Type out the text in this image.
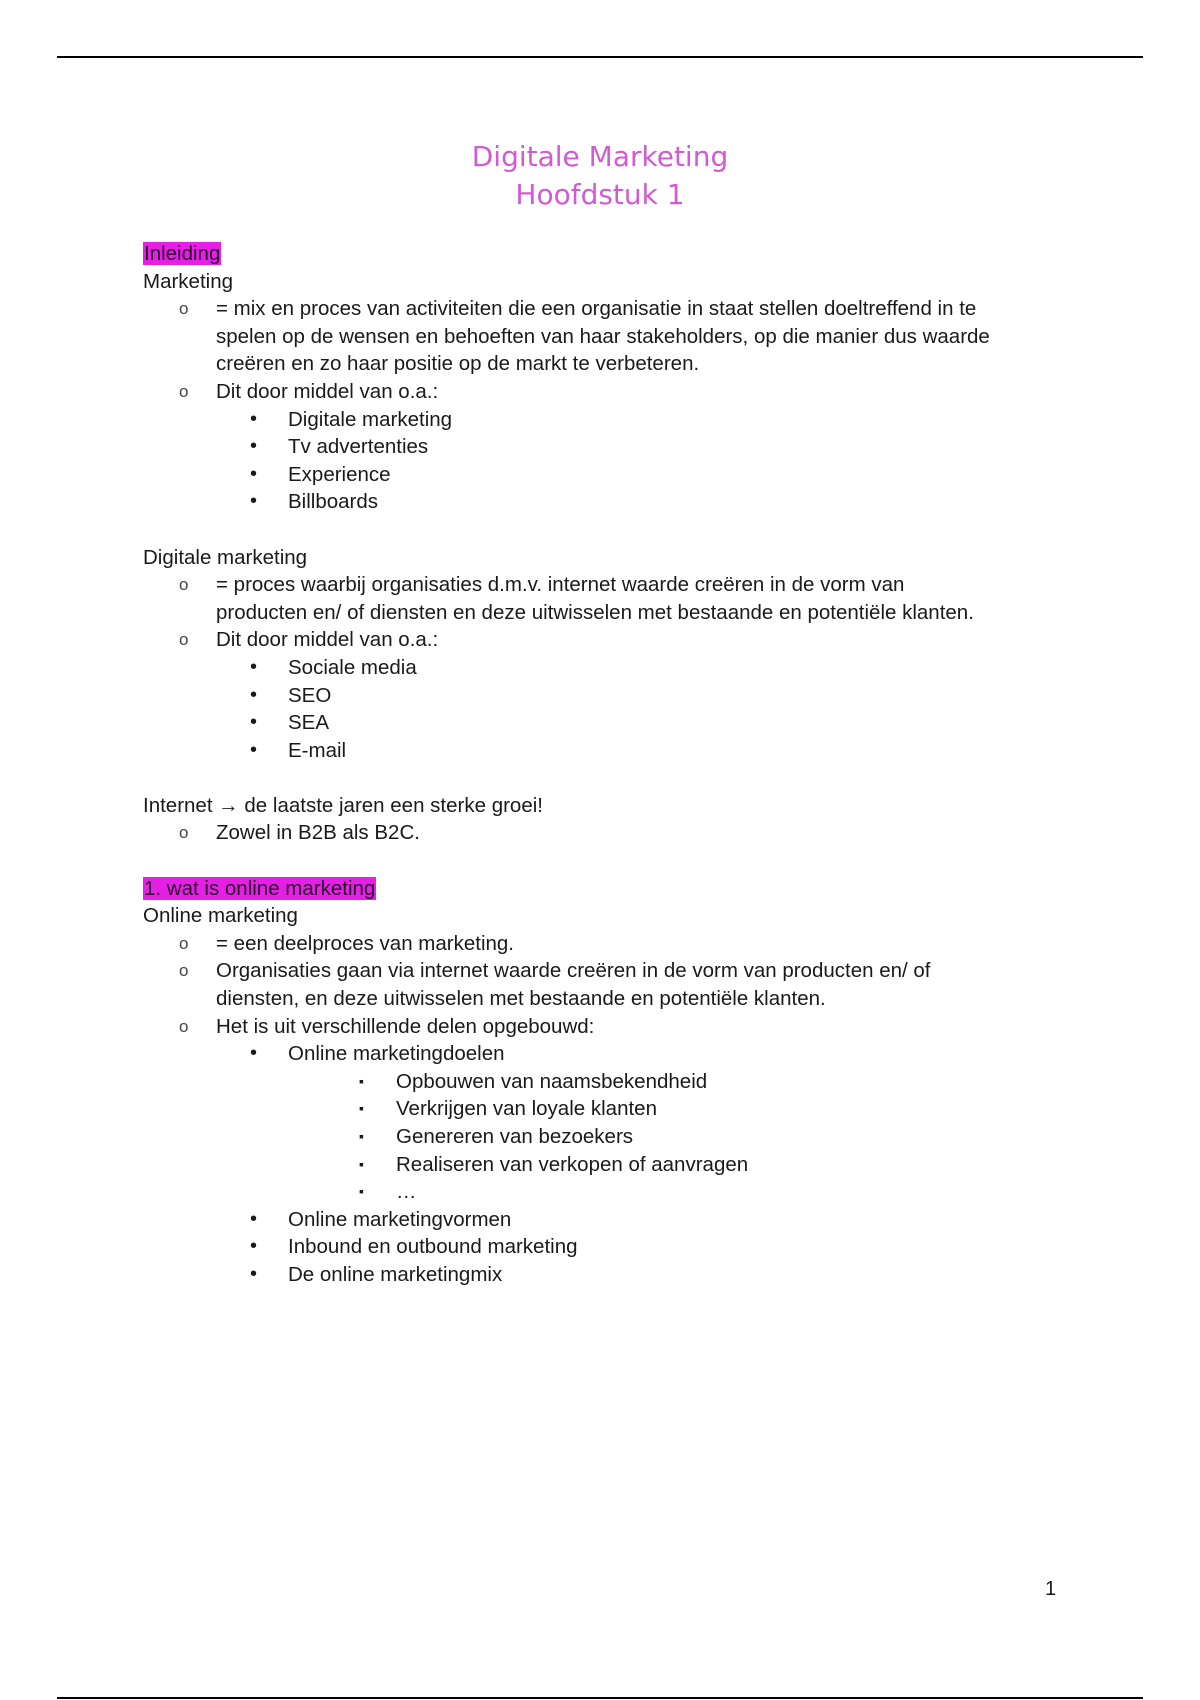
Digitale Marketing
Hoofdstuk 1
Inleiding
Marketing
o = mix en proces van activiteiten die een organisatie in staat stellen doeltreffend in te
spelen op de wensen en behoeften van haar stakeholders, op die manier dus waarde
creëren en zo haar positie op de markt te verbeteren.
o Dit door middel van o.a.:
• Digitale marketing
• Tv advertenties
• Experience
• Billboards
Digitale marketing
o = proces waarbij organisaties d.m.v. internet waarde creëren in de vorm van
producten en/ of diensten en deze uitwisselen met bestaande en potentiële klanten.
o Dit door middel van o.a.:
• Sociale media
• SEO
• SEA
• E-mail
Internet → de laatste jaren een sterke groei!
o Zowel in B2B als B2C.
1. wat is online marketing
Online marketing
o = een deelproces van marketing.
o Organisaties gaan via internet waarde creëren in de vorm van producten en/ of
diensten, en deze uitwisselen met bestaande en potentiële klanten.
o Het is uit verschillende delen opgebouwd:
• Online marketingdoelen
▪ Opbouwen van naamsbekendheid
▪ Verkrijgen van loyale klanten
▪ Genereren van bezoekers
▪ Realiseren van verkopen of aanvragen
▪ …
• Online marketingvormen
• Inbound en outbound marketing
• De online marketingmix
1
